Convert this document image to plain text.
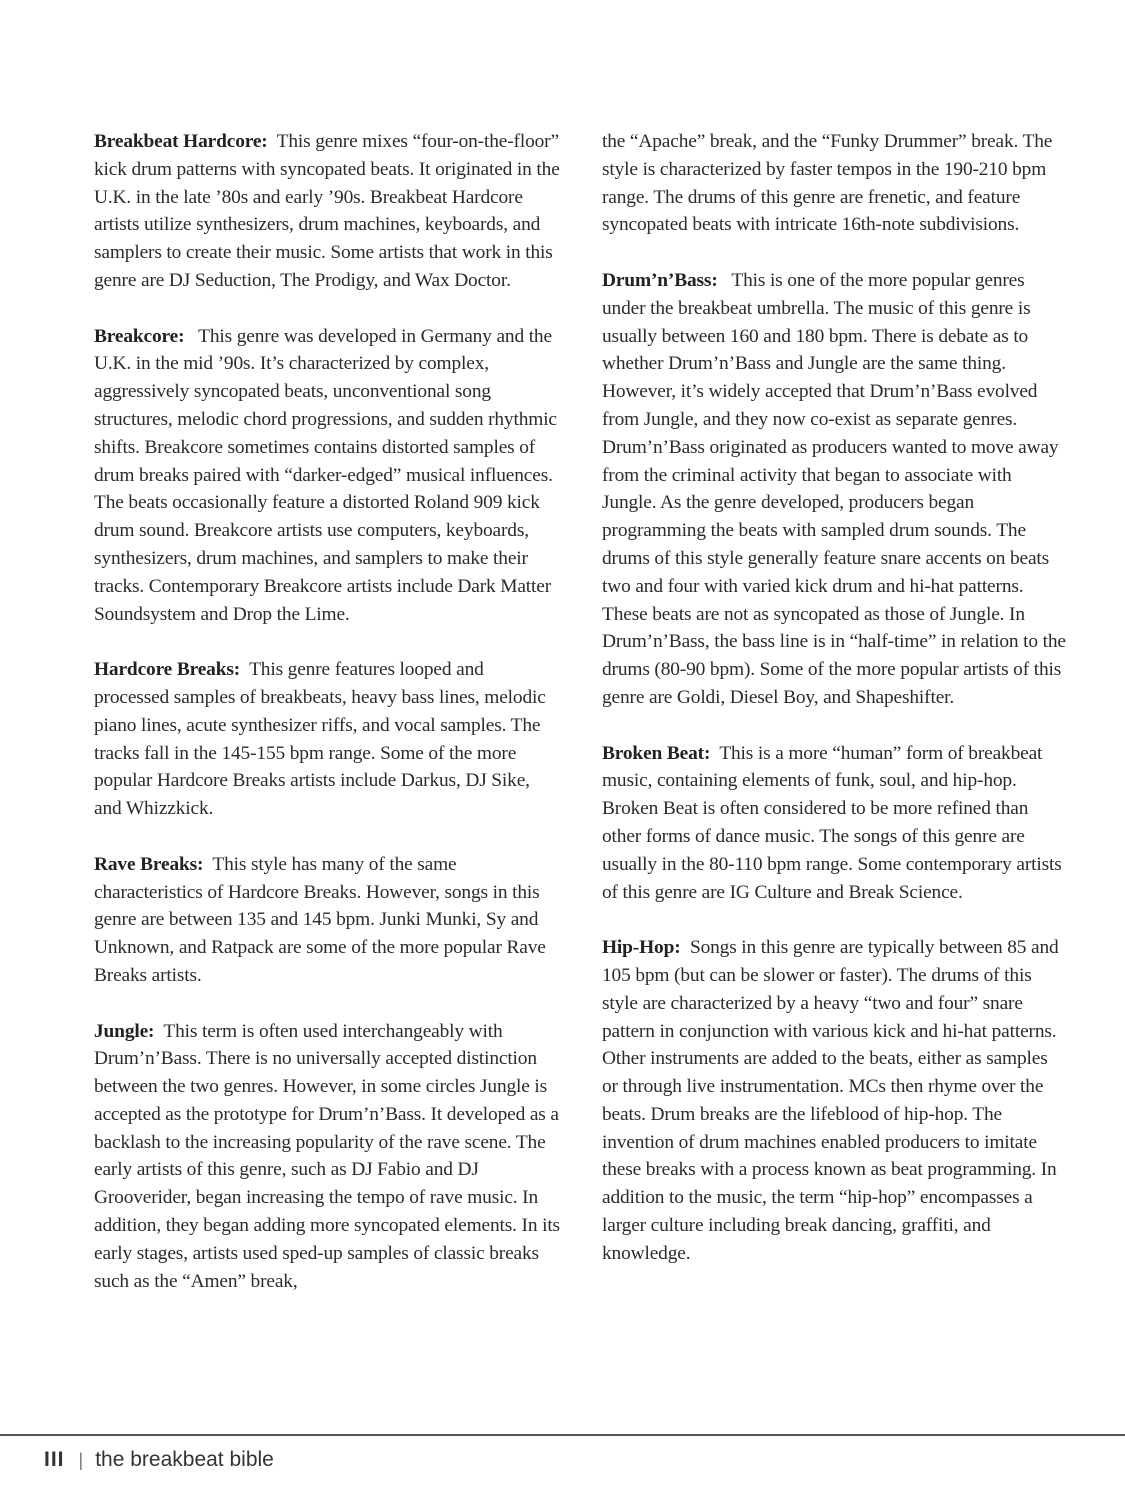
Breakbeat Hardcore: This genre mixes “four-on-the-floor” kick drum patterns with syncopated beats. It originated in the U.K. in the late ’80s and early ’90s. Breakbeat Hardcore artists utilize synthesizers, drum machines, keyboards, and samplers to create their music. Some artists that work in this genre are DJ Seduction, The Prodigy, and Wax Doctor.

Breakcore: This genre was developed in Germany and the U.K. in the mid ’90s. It’s characterized by complex, aggressively syncopated beats, unconventional song structures, melodic chord progressions, and sudden rhythmic shifts. Breakcore sometimes contains distorted samples of drum breaks paired with “darker-edged” musical influences. The beats occasionally feature a distorted Roland 909 kick drum sound. Breakcore artists use computers, keyboards, synthesizers, drum machines, and samplers to make their tracks. Contemporary Breakcore artists include Dark Matter Soundsystem and Drop the Lime.

Hardcore Breaks: This genre features looped and processed samples of breakbeats, heavy bass lines, melodic piano lines, acute synthesizer riffs, and vocal samples. The tracks fall in the 145-155 bpm range. Some of the more popular Hardcore Breaks artists include Darkus, DJ Sike, and Whizzkick.

Rave Breaks: This style has many of the same characteristics of Hardcore Breaks. However, songs in this genre are between 135 and 145 bpm. Junki Munki, Sy and Unknown, and Ratpack are some of the more popular Rave Breaks artists.

Jungle: This term is often used interchangeably with Drum’n’Bass. There is no universally accepted distinction between the two genres. However, in some circles Jungle is accepted as the prototype for Drum’n’Bass. It developed as a backlash to the increasing popularity of the rave scene. The early artists of this genre, such as DJ Fabio and DJ Grooverider, began increasing the tempo of rave music. In addition, they began adding more syncopated elements. In its early stages, artists used sped-up samples of classic breaks such as the “Amen” break,

the “Apache” break, and the “Funky Drummer” break. The style is characterized by faster tempos in the 190-210 bpm range. The drums of this genre are frenetic, and feature syncopated beats with intricate 16th-note subdivisions.

Drum’n’Bass: This is one of the more popular genres under the breakbeat umbrella. The music of this genre is usually between 160 and 180 bpm. There is debate as to whether Drum’n’Bass and Jungle are the same thing. However, it’s widely accepted that Drum’n’Bass evolved from Jungle, and they now co-exist as separate genres. Drum’n’Bass originated as producers wanted to move away from the criminal activity that began to associate with Jungle. As the genre developed, producers began programming the beats with sampled drum sounds. The drums of this style generally feature snare accents on beats two and four with varied kick drum and hi-hat patterns. These beats are not as syncopated as those of Jungle. In Drum’n’Bass, the bass line is in “half-time” in relation to the drums (80-90 bpm). Some of the more popular artists of this genre are Goldi, Diesel Boy, and Shapeshifter.

Broken Beat: This is a more “human” form of breakbeat music, containing elements of funk, soul, and hip-hop. Broken Beat is often considered to be more refined than other forms of dance music. The songs of this genre are usually in the 80-110 bpm range. Some contemporary artists of this genre are IG Culture and Break Science.

Hip-Hop: Songs in this genre are typically between 85 and 105 bpm (but can be slower or faster). The drums of this style are characterized by a heavy “two and four” snare pattern in conjunction with various kick and hi-hat patterns. Other instruments are added to the beats, either as samples or through live instrumentation. MCs then rhyme over the beats. Drum breaks are the lifeblood of hip-hop. The invention of drum machines enabled producers to imitate these breaks with a process known as beat programming. In addition to the music, the term “hip-hop” encompasses a larger culture including break dancing, graffiti, and knowledge.

III | the breakbeat bible
